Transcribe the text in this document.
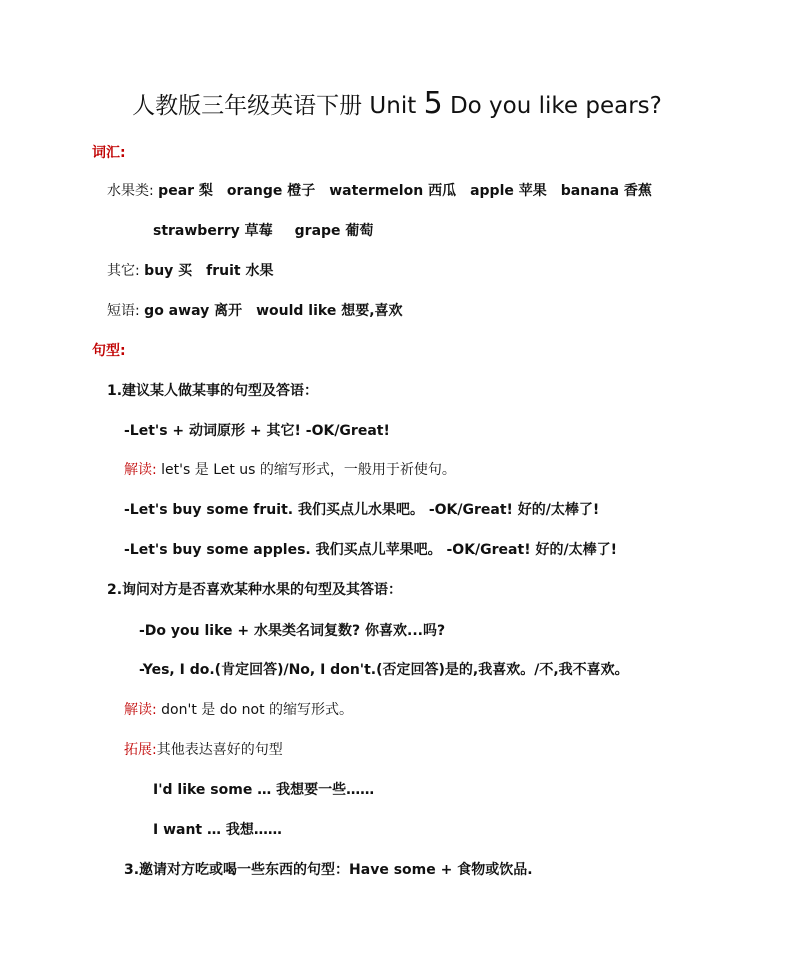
人教版三年级英语下册 Unit 5 Do you like pears?
词汇:
水果类: pear 梨 orange 橙子 watermelon 西瓜 apple 苹果 banana 香蕉
strawberry 草莓 grape 葡萄
其它: buy 买 fruit 水果
短语: go away 离开 would like 想要,喜欢
句型:
1.建议某人做某事的句型及答语：
-Let's + 动词原形 + 其它! -OK/Great!
解读: let's 是 Let us 的缩写形式，一般用于祈使句。
-Let's buy some fruit. 我们买点儿水果吧。 -OK/Great! 好的/太棒了!
-Let's buy some apples. 我们买点儿苹果吧。 -OK/Great! 好的/太棒了!
2.询问对方是否喜欢某种水果的句型及其答语：
-Do you like + 水果类名词复数? 你喜欢...吗?
-Yes, I do.(肯定回答)/No, I don't.(否定回答)是的,我喜欢。/不,我不喜欢。
解读: don't 是 do not 的缩写形式。
拓展:其他表达喜好的句型
I'd like some … 我想要一些……
I want … 我想……
3.邀请对方吃或喝一些东西的句型：Have some + 食物或饮品.
